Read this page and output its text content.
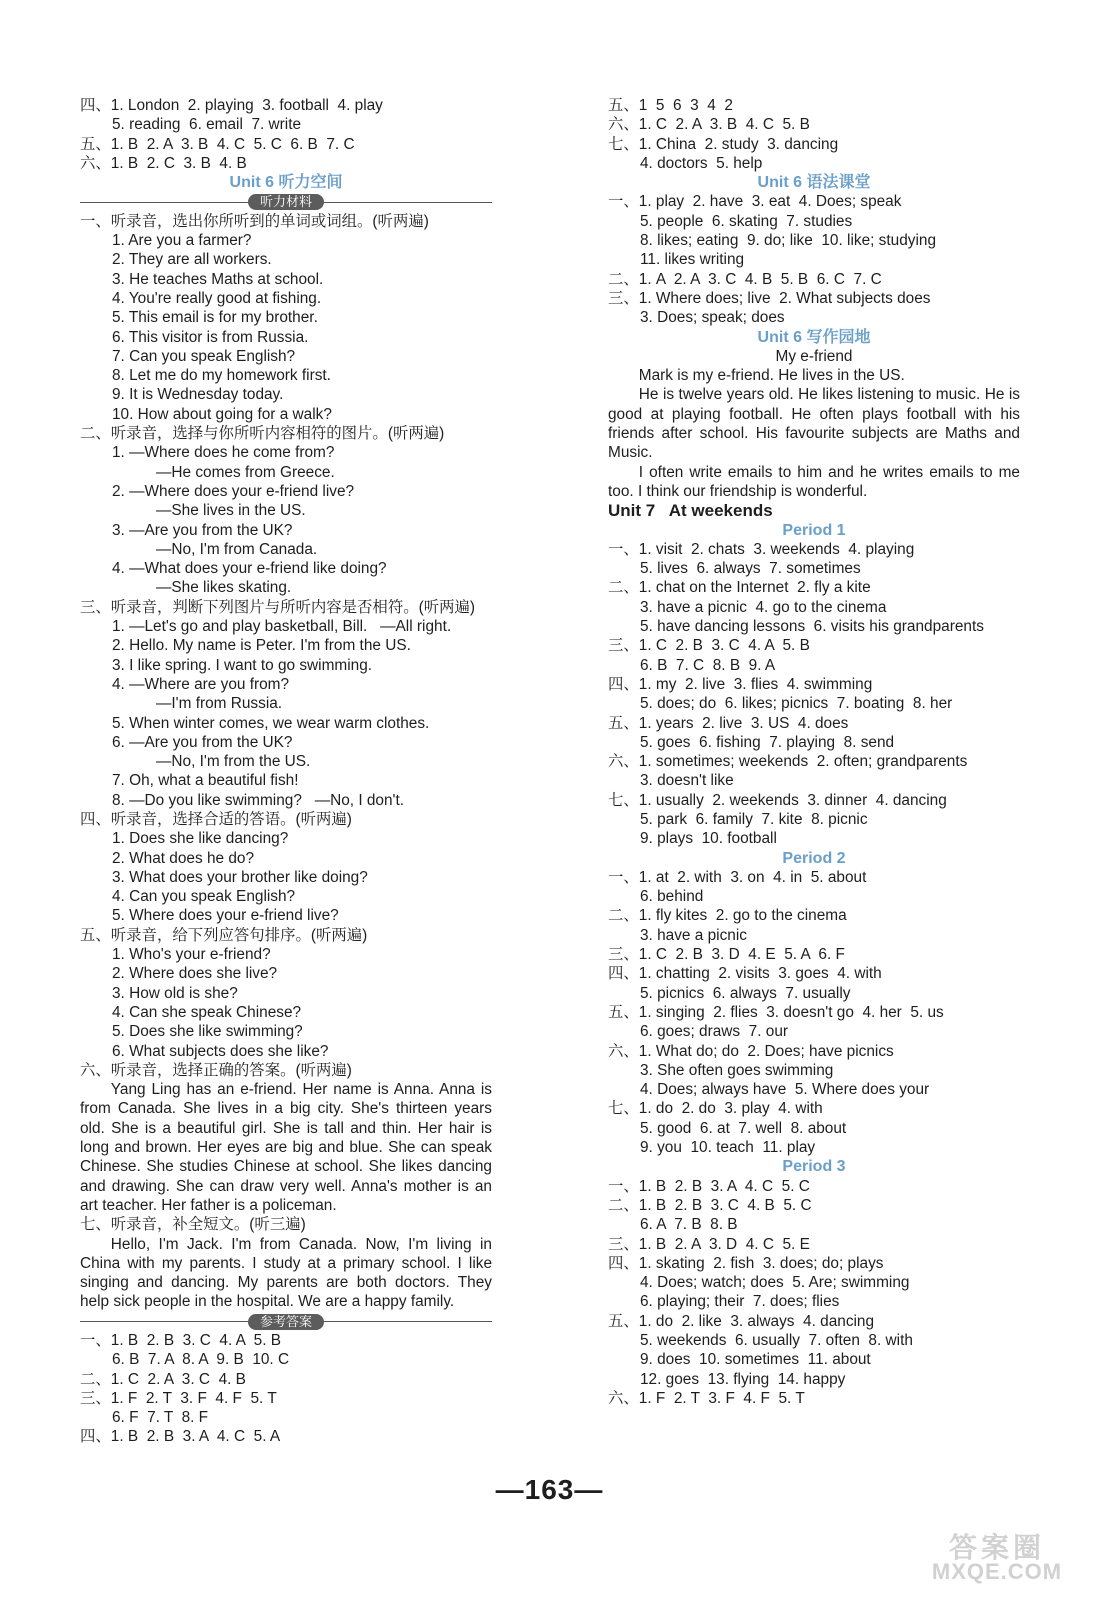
四、1. London  2. playing  3. football  4. play
5. reading  6. email  7. write
五、1. B  2. A  3. B  4. C  5. C  6. B  7. C
六、1. B  2. C  3. B  4. B
Unit 6 听力空间
听力材料
一、听录音，选出你所听到的单词或词组。(听两遍)
1. Are you a farmer?
2. They are all workers.
3. He teaches Maths at school.
4. You're really good at fishing.
5. This email is for my brother.
6. This visitor is from Russia.
7. Can you speak English?
8. Let me do my homework first.
9. It is Wednesday today.
10. How about going for a walk?
二、听录音，选择与你所听内容相符的图片。(听两遍)
1. —Where does he come from?
—He comes from Greece.
2. —Where does your e-friend live?
—She lives in the US.
3. —Are you from the UK?
—No, I'm from Canada.
4. —What does your e-friend like doing?
—She likes skating.
三、听录音，判断下列图片与所听内容是否相符。(听两遍)
1. —Let's go and play basketball, Bill.   —All right.
2. Hello. My name is Peter. I'm from the US.
3. I like spring. I want to go swimming.
4. —Where are you from?
—I'm from Russia.
5. When winter comes, we wear warm clothes.
6. —Are you from the UK?
—No, I'm from the US.
7. Oh, what a beautiful fish!
8. —Do you like swimming?   —No, I don't.
四、听录音，选择合适的答语。(听两遍)
1. Does she like dancing?
2. What does he do?
3. What does your brother like doing?
4. Can you speak English?
5. Where does your e-friend live?
五、听录音，给下列应答句排序。(听两遍)
1. Who's your e-friend?
2. Where does she live?
3. How old is she?
4. Can she speak Chinese?
5. Does she like swimming?
6. What subjects does she like?
六、听录音，选择正确的答案。(听两遍)
Yang Ling has an e-friend. Her name is Anna. Anna is from Canada. She lives in a big city. She's thirteen years old. She is a beautiful girl. She is tall and thin. Her hair is long and brown. Her eyes are big and blue. She can speak Chinese. She studies Chinese at school. She likes dancing and drawing. She can draw very well. Anna's mother is an art teacher. Her father is a policeman.
七、听录音，补全短文。(听三遍)
Hello, I'm Jack. I'm from Canada. Now, I'm living in China with my parents. I study at a primary school. I like singing and dancing. My parents are both doctors. They help sick people in the hospital. We are a happy family.
参考答案
一、1. B  2. B  3. C  4. A  5. B
6. B  7. A  8. A  9. B  10. C
二、1. C  2. A  3. C  4. B
三、1. F  2. T  3. F  4. F  5. T
6. F  7. T  8. F
四、1. B  2. B  3. A  4. C  5. A
五、1  5  6  3  4  2
六、1. C  2. A  3. B  4. C  5. B
七、1. China  2. study  3. dancing
4. doctors  5. help
Unit 6 语法课堂
一、1. play  2. have  3. eat  4. Does; speak
5. people  6. skating  7. studies
8. likes; eating  9. do; like  10. like; studying
11. likes writing
二、1. A  2. A  3. C  4. B  5. B  6. C  7. C
三、1. Where does; live  2. What subjects does
3. Does; speak; does
Unit 6 写作园地
My e-friend
Mark is my e-friend. He lives in the US.
He is twelve years old. He likes listening to music. He is good at playing football. He often plays football with his friends after school. His favourite subjects are Maths and Music.
I often write emails to him and he writes emails to me too. I think our friendship is wonderful.
Unit 7   At weekends
Period 1
一、1. visit  2. chats  3. weekends  4. playing
5. lives  6. always  7. sometimes
二、1. chat on the Internet  2. fly a kite
3. have a picnic  4. go to the cinema
5. have dancing lessons  6. visits his grandparents
三、1. C  2. B  3. C  4. A  5. B
6. B  7. C  8. B  9. A
四、1. my  2. live  3. flies  4. swimming
5. does; do  6. likes; picnics  7. boating  8. her
五、1. years  2. live  3. US  4. does
5. goes  6. fishing  7. playing  8. send
六、1. sometimes; weekends  2. often; grandparents
3. doesn't like
七、1. usually  2. weekends  3. dinner  4. dancing
5. park  6. family  7. kite  8. picnic
9. plays  10. football
Period 2
一、1. at  2. with  3. on  4. in  5. about
6. behind
二、1. fly kites  2. go to the cinema
3. have a picnic
三、1. C  2. B  3. D  4. E  5. A  6. F
四、1. chatting  2. visits  3. goes  4. with
5. picnics  6. always  7. usually
五、1. singing  2. flies  3. doesn't go  4. her  5. us
6. goes; draws  7. our
六、1. What do; do  2. Does; have picnics
3. She often goes swimming
4. Does; always have  5. Where does your
七、1. do  2. do  3. play  4. with
5. good  6. at  7. well  8. about
9. you  10. teach  11. play
Period 3
一、1. B  2. B  3. A  4. C  5. C
二、1. B  2. B  3. C  4. B  5. C
6. A  7. B  8. B
三、1. B  2. A  3. D  4. C  5. E
四、1. skating  2. fish  3. does; do; plays
4. Does; watch; does  5. Are; swimming
6. playing; their  7. does; flies
五、1. do  2. like  3. always  4. dancing
5. weekends  6. usually  7. often  8. with
9. does  10. sometimes  11. about
12. goes  13. flying  14. happy
六、1. F  2. T  3. F  4. F  5. T
—163—
答案圈
MXQE.COM
